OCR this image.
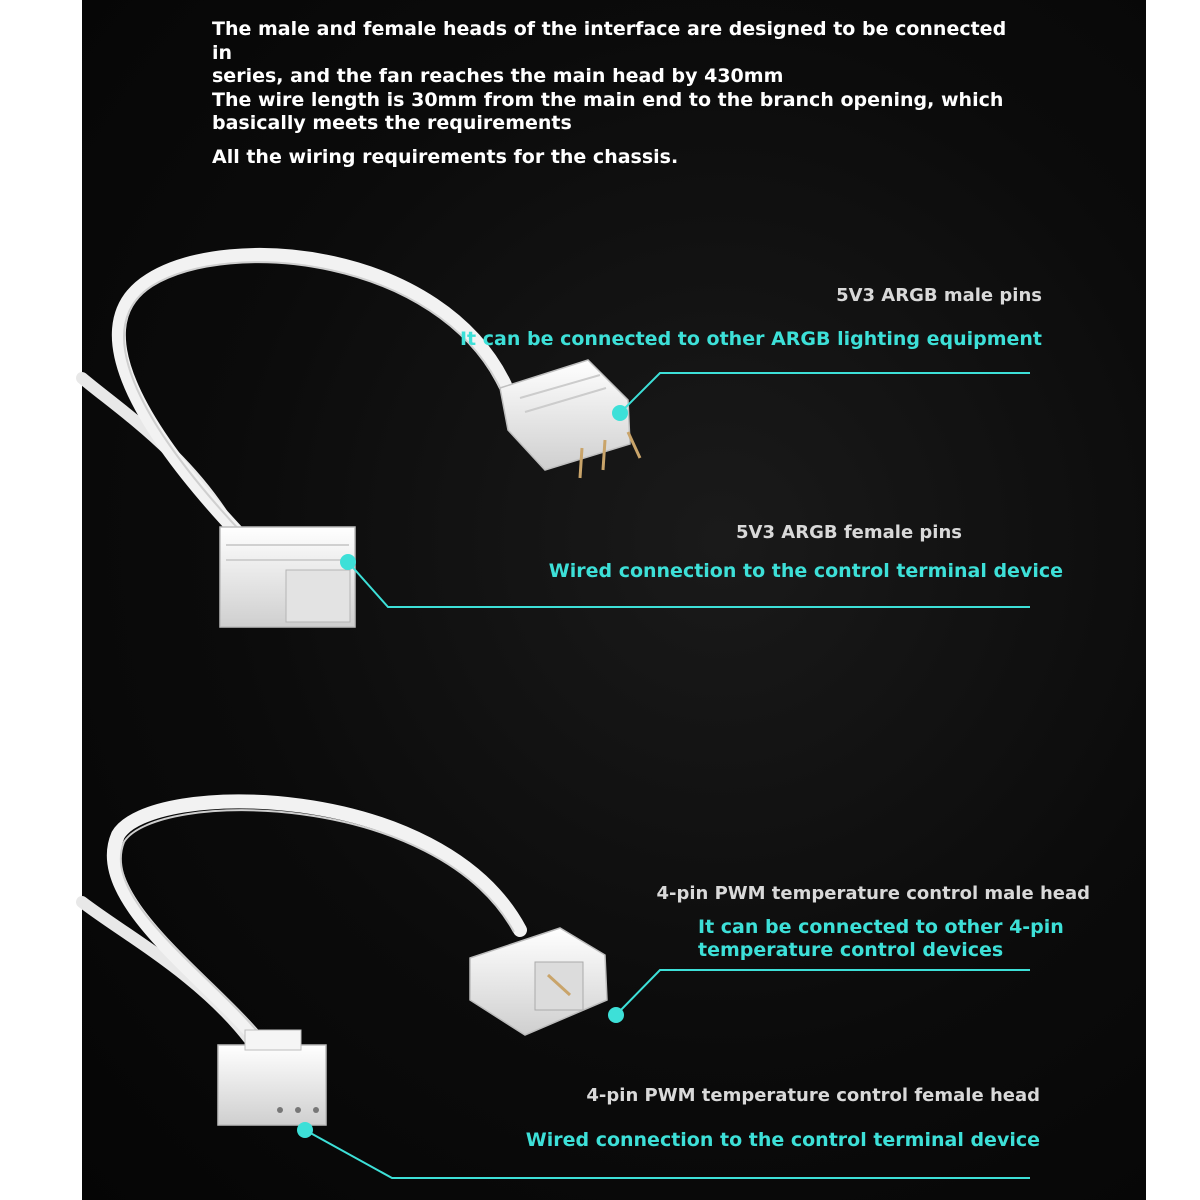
The male and female heads of the interface are designed to be connected in

series, and the fan reaches the main head by 430mm

The wire length is 30mm from the main end to the branch opening, which

basically meets the requirements

All the wiring requirements for the chassis.

5V3 ARGB male pins
It can be connected to other ARGB lighting equipment
5V3 ARGB female pins
Wired connection to the control terminal device
4-pin PWM temperature control male head
It can be connected to other 4-pin
temperature control devices
4-pin PWM temperature control female head
Wired connection to the control terminal device
